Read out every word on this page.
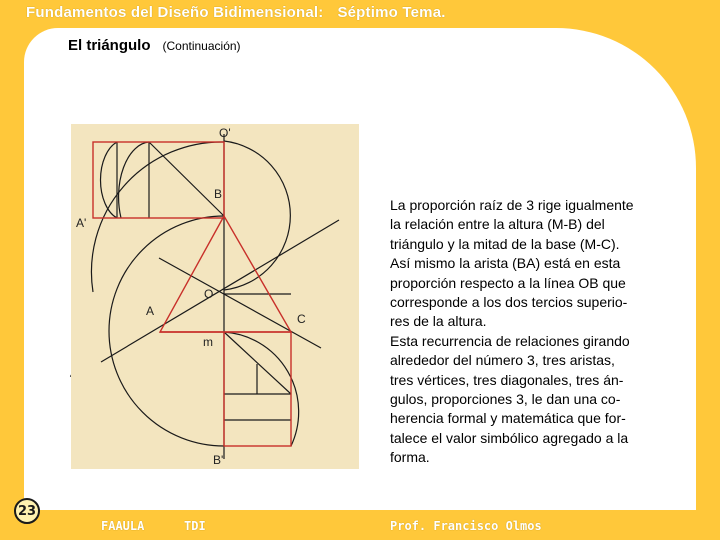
Fundamentos del Diseño Bidimensional: Séptimo Tema.
El triángulo (Continuación)
O'
B
A'
O
A
C
m
B'

La proporción raíz de 3 rige igualmente

la relación entre la altura (M-B) del

triángulo y la mitad de la base (M-C).

Así mismo la arista (BA) está en esta

proporción respecto a la línea OB que

corresponde a los dos tercios superio-

res de la altura.

Esta recurrencia de relaciones girando

alrededor del número 3, tres aristas,

tres vértices, tres diagonales, tres án-

gulos, proporciones 3, le dan una co-

herencia formal y matemática que for-

talece el valor simbólico agregado a la

forma.

23
FAAULA	TDI	Prof. Francisco Olmos
